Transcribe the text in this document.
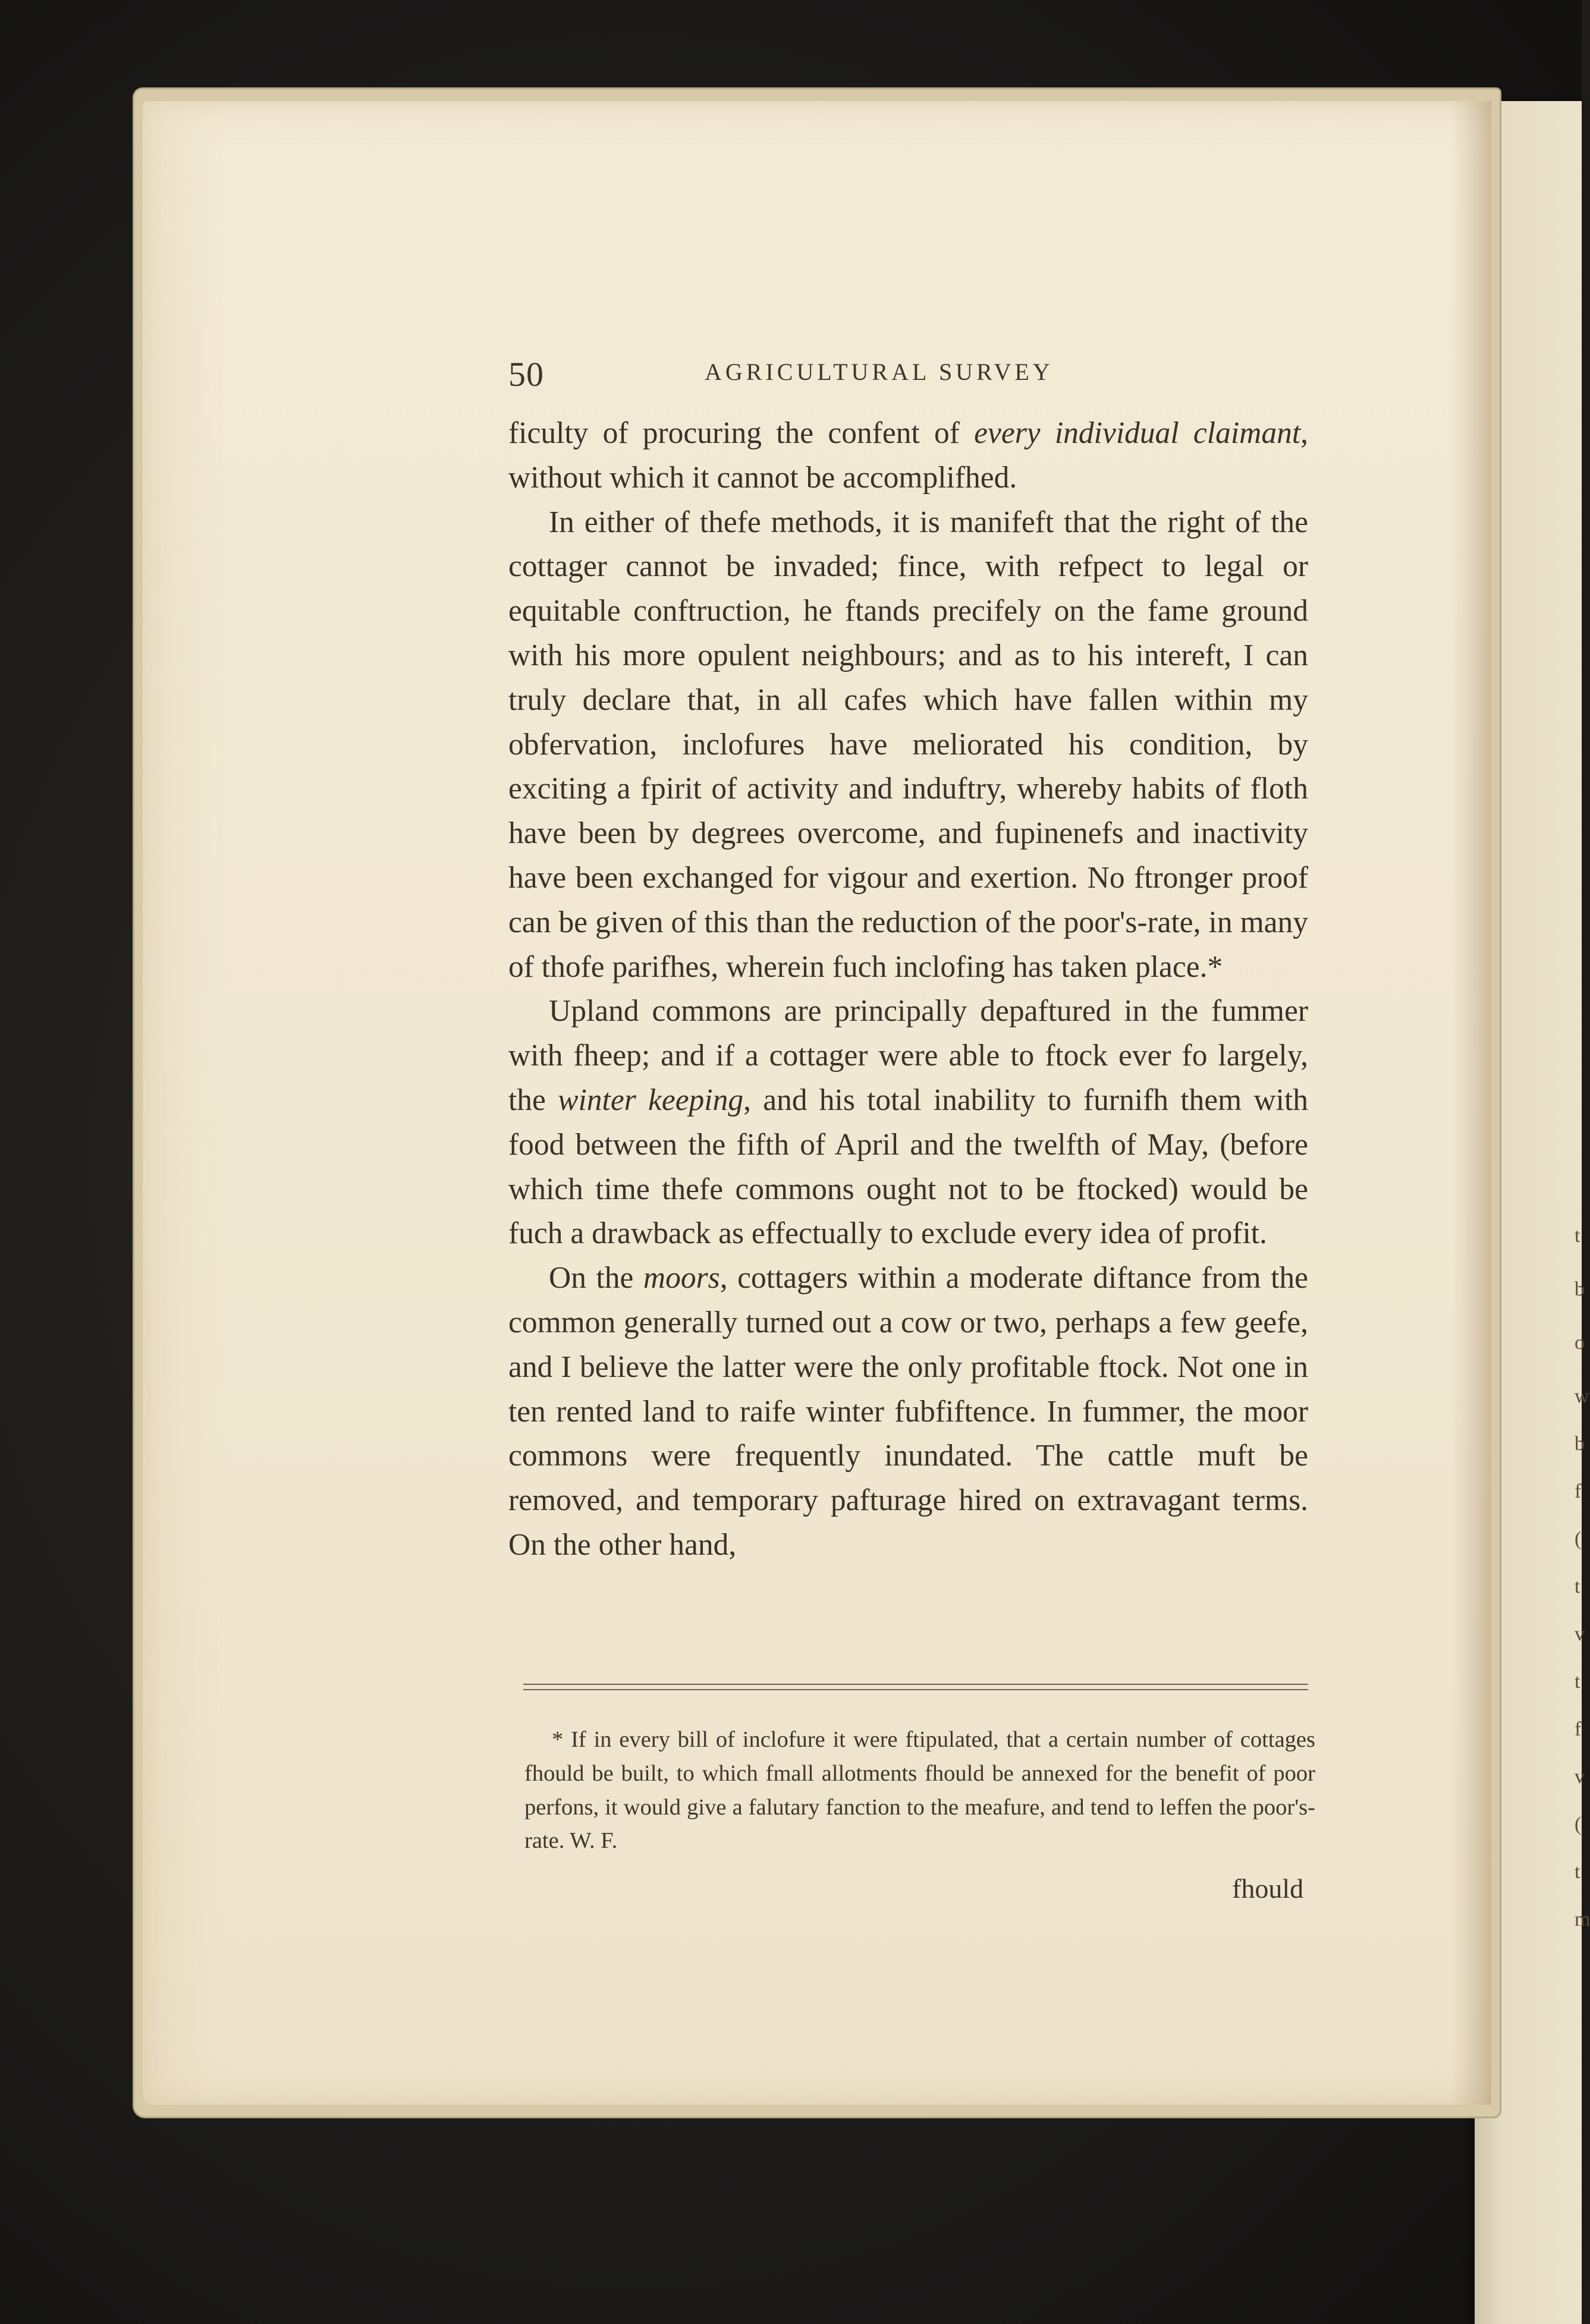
t
b
o
w
b
f
(
t
v
t
f
v
(
t
m
50	AGRICULTURAL SURVEY

ficulty of procuring the confent of every individual claimant, without which it cannot be accomplifhed.

In either of thefe methods, it is manifeft that the right of the cottager cannot be invaded; fince, with refpect to legal or equitable conftruction, he ftands precifely on the fame ground with his more opulent neighbours; and as to his intereft, I can truly declare that, in all cafes which have fallen within my obfervation, inclofures have meliorated his condition, by exciting a fpirit of activity and induftry, whereby habits of floth have been by degrees overcome, and fupinenefs and inactivity have been exchanged for vigour and exertion. No ftronger proof can be given of this than the reduction of the poor's-rate, in many of thofe parifhes, wherein fuch inclofing has taken place.*

Upland commons are principally depaftured in the fummer with fheep; and if a cottager were able to ftock ever fo largely, the winter keeping, and his total inability to furnifh them with food between the fifth of April and the twelfth of May, (before which time thefe commons ought not to be ftocked) would be fuch a drawback as effectually to exclude every idea of profit.

On the moors, cottagers within a moderate diftance from the common generally turned out a cow or two, perhaps a few geefe, and I believe the latter were the only profitable ftock. Not one in ten rented land to raife winter fubfiftence. In fummer, the moor commons were frequently inundated. The cattle muft be removed, and temporary pafturage hired on extravagant terms. On the other hand,

* If in every bill of inclofure it were ftipulated, that a certain number of cottages fhould be built, to which fmall allotments fhould be annexed for the benefit of poor perfons, it would give a falutary fanction to the meafure, and tend to leffen the poor's-rate. W. F.
fhould
